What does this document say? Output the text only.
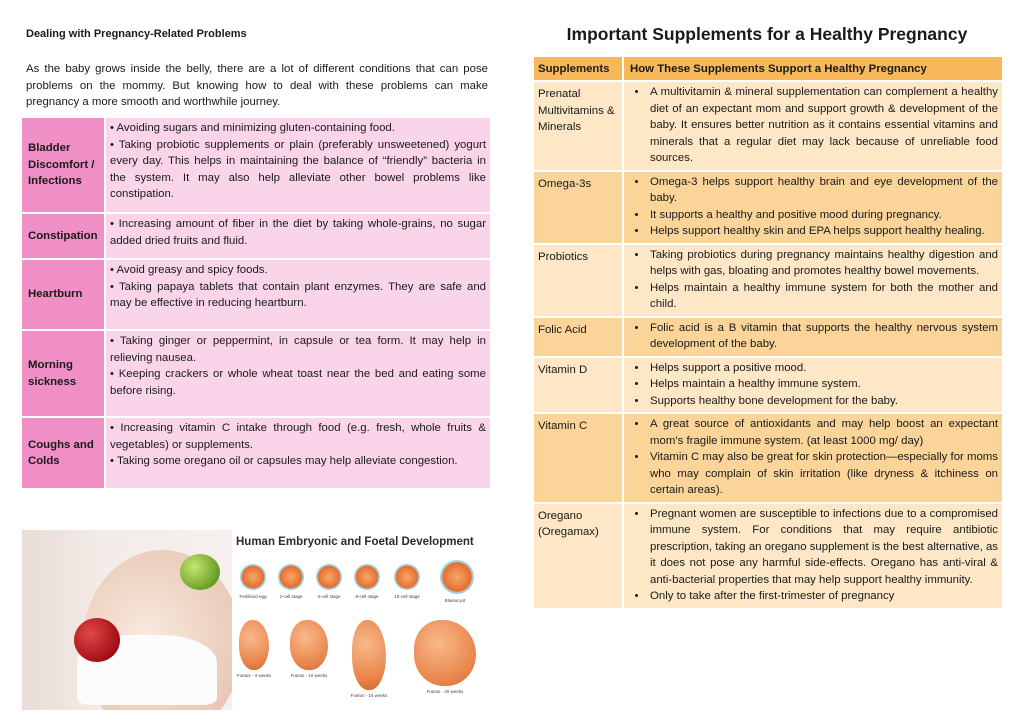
Dealing with Pregnancy-Related Problems
As the baby grows inside the belly, there are a lot of different conditions that can pose problems on the mommy. But knowing how to deal with these problems can make pregnancy a more smooth and worthwhile journey.
Bladder Discomfort / Infections
• Avoiding sugars and minimizing gluten-containing food.
• Taking probiotic supplements or plain (preferably unsweetened) yogurt every day. This helps in maintaining the balance of “friendly” bacteria in the system. It may also help alleviate other bowel problems like constipation.
Constipation
• Increasing amount of fiber in the diet by taking whole-grains, no sugar added dried fruits and fluid.
Heartburn
• Avoid greasy and spicy foods.
• Taking papaya tablets that contain plant enzymes. They are safe and may be effective in reducing heartburn.
Morning sickness
• Taking ginger or peppermint, in capsule or tea form. It may help in relieving nausea.
• Keeping crackers or whole wheat toast near the bed and eating some before rising.
Coughs and Colds
• Increasing vitamin C intake through food (e.g. fresh, whole fruits & vegetables) or supplements.
• Taking some oregano oil or capsules may help alleviate congestion.
Human Embryonic and Foetal Development
Fertilized egg	2-cell stage	4-cell stage	8-cell stage	16-cell stage
Blastocyst
Foetus - 4 weeks	Foetus - 10 weeks
Foetus - 16 weeks
Foetus - 20 weeks
Important Supplements for a Healthy Pregnancy
Supplements	How These Supplements Support a Healthy Pregnancy
Prenatal Multivitamins & Minerals
• A multivitamin & mineral supplementation can complement a healthy diet of an expectant mom and support growth & development of the baby. It ensures better nutrition as it contains essential vitamins and minerals that a regular diet may lack because of unreliable food sources.
Omega-3s	• Omega-3 helps support healthy brain and eye development of the baby.
• It supports a healthy and positive mood during pregnancy.
• Helps support healthy skin and EPA helps support healthy healing.
Probiotics	• Taking probiotics during pregnancy maintains healthy digestion and helps with gas, bloating and promotes healthy bowel movements.
• Helps maintain a healthy immune system for both the mother and child.
Folic Acid	• Folic acid is a B vitamin that supports the healthy nervous system development of the baby.
Vitamin D	• Helps support a positive mood.
• Helps maintain a healthy immune system.
• Supports healthy bone development for the baby.
Vitamin C	• A great source of antioxidants and may help boost an expectant mom’s fragile immune system. (at least 1000 mg/ day)
• Vitamin C may also be great for skin protection—especially for moms who may complain of skin irritation (like dryness & itchiness on certain areas).
Oregano (Oregamax)
• Pregnant women are susceptible to infections due to a compromised immune system. For conditions that may require antibiotic prescription, taking an oregano supplement is the best alternative, as it does not pose any harmful side-effects. Oregano has anti-viral & anti-bacterial properties that may help support healthy immunity.
• Only to take after the first-trimester of pregnancy
